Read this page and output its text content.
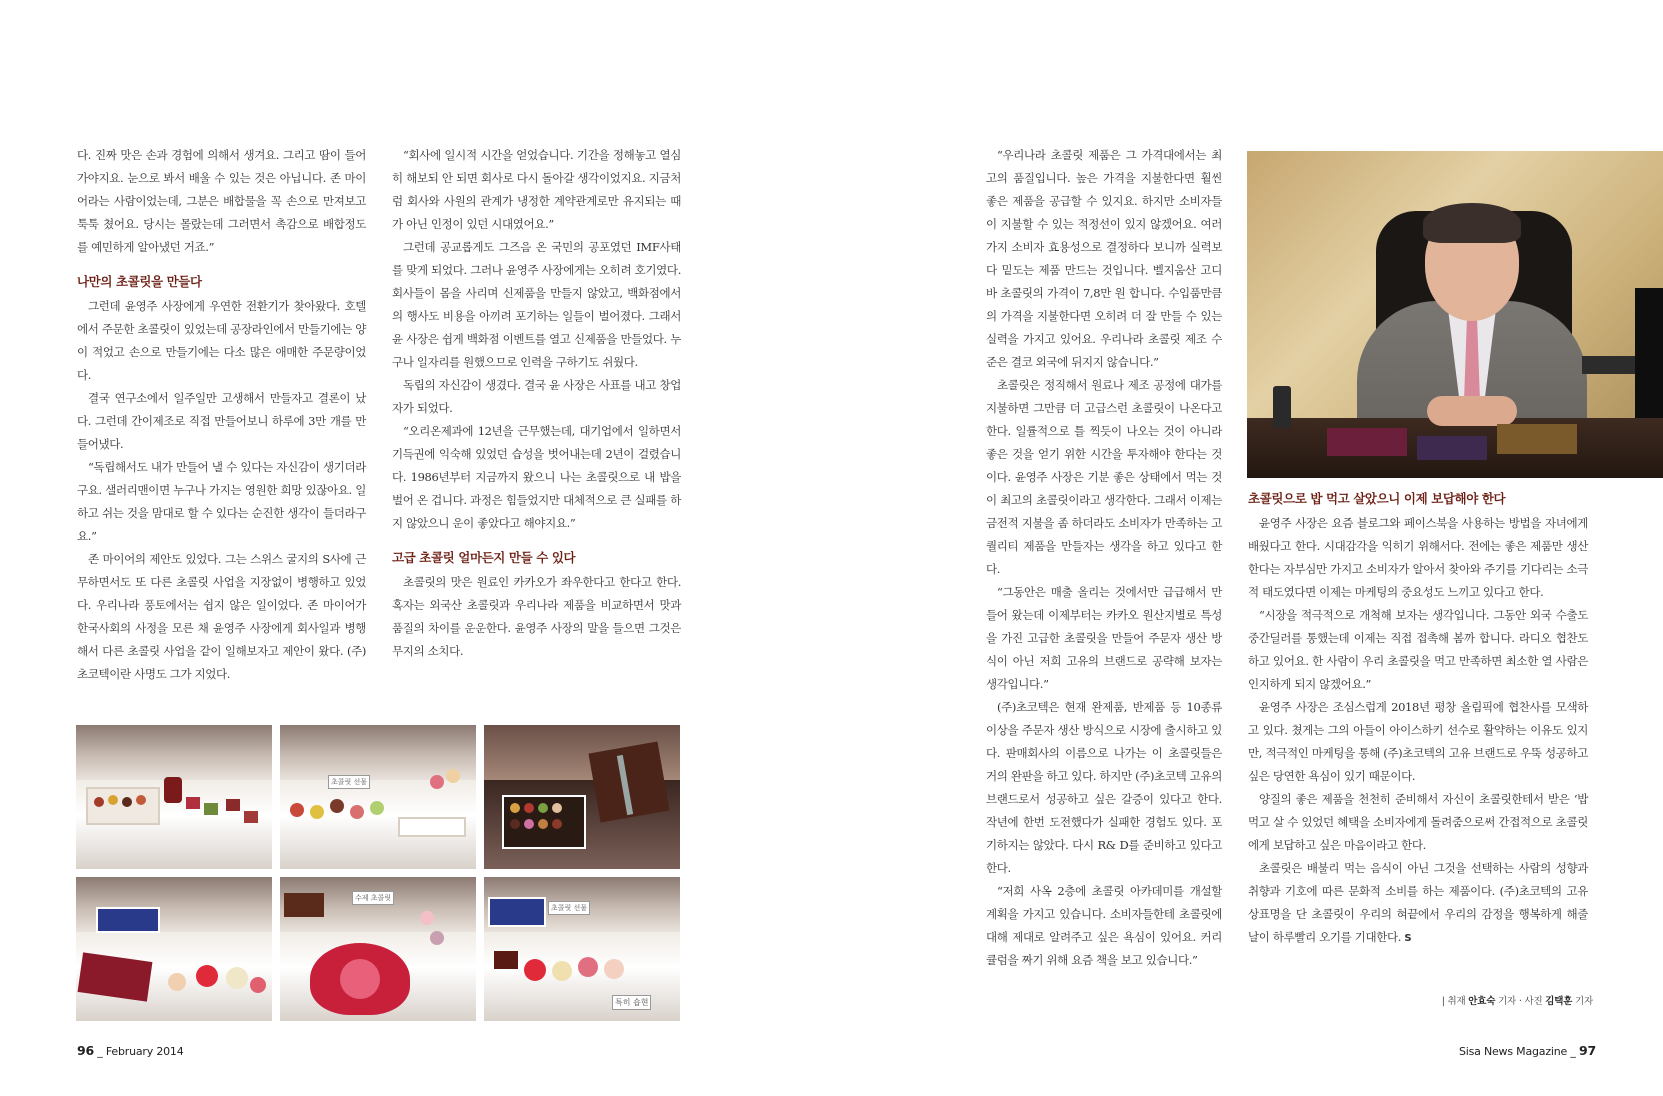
다. 진짜 맛은 손과 경험에 의해서 생겨요. 그리고 땀이 들어가야지요. 눈으로 봐서 배울 수 있는 것은 아닙니다. 존 마이어라는 사람이었는데, 그분은 배합물을 꼭 손으로 만져보고 툭툭 쳤어요. 당시는 몰랐는데 그러면서 촉감으로 배합정도를 예민하게 알아냈던 거죠.”

나만의 초콜릿을 만들다

그런데 윤영주 사장에게 우연한 전환기가 찾아왔다. 호텔에서 주문한 초콜릿이 있었는데 공장라인에서 만들기에는 양이 적었고 손으로 만들기에는 다소 많은 애매한 주문량이었다.

결국 연구소에서 일주일만 고생해서 만들자고 결론이 났다. 그런데 간이제조로 직접 만들어보니 하루에 3만 개를 만들어냈다.

“독립해서도 내가 만들어 낼 수 있다는 자신감이 생기더라구요. 샐러리맨이면 누구나 가지는 영원한 희망 있잖아요. 일하고 쉬는 것을 맘대로 할 수 있다는 순진한 생각이 들더라구요.”

존 마이어의 제안도 있었다. 그는 스위스 굴지의 S사에 근무하면서도 또 다른 초콜릿 사업을 지장없이 병행하고 있었다. 우리나라 풍토에서는 쉽지 않은 일이었다. 존 마이어가 한국사회의 사정을 모른 채 윤영주 사장에게 회사일과 병행해서 다른 초콜릿 사업을 같이 일해보자고 제안이 왔다. (주)초코텍이란 사명도 그가 지었다.

“회사에 일시적 시간을 얻었습니다. 기간을 정해놓고 열심히 해보되 안 되면 회사로 다시 돌아갈 생각이었지요. 지금처럼 회사와 사원의 관계가 냉정한 계약관계로만 유지되는 때가 아닌 인정이 있던 시대였어요.”

그런데 공교롭게도 그즈음 온 국민의 공포였던 IMF사태를 맞게 되었다. 그러나 윤영주 사장에게는 오히려 호기였다. 회사들이 몸을 사리며 신제품을 만들지 않았고, 백화점에서의 행사도 비용을 아끼려 포기하는 일들이 벌어졌다. 그래서 윤 사장은 쉽게 백화점 이벤트를 열고 신제품을 만들었다. 누구나 일자리를 원했으므로 인력을 구하기도 쉬웠다.

독립의 자신감이 생겼다. 결국 윤 사장은 사표를 내고 창업자가 되었다.

“오리온제과에 12년을 근무했는데, 대기업에서 일하면서 기득권에 익숙해 있었던 습성을 벗어내는데 2년이 걸렸습니다. 1986년부터 지금까지 왔으니 나는 초콜릿으로 내 밥을 벌어 온 겁니다. 과정은 힘들었지만 대체적으로 큰 실패를 하지 않았으니 운이 좋았다고 해야지요.”

고급 초콜릿 얼마든지 만들 수 있다

초콜릿의 맛은 원료인 카카오가 좌우한다고 한다고 한다. 혹자는 외국산 초콜릿과 우리나라 제품을 비교하면서 맛과 품질의 차이를 운운한다. 윤영주 사장의 말을 들으면 그것은 무지의 소치다.

초콜릿 선물
수제 초콜릿
초콜릿 선물
특히 숍현
96 _ February 2014

“우리나라 초콜릿 제품은 그 가격대에서는 최고의 품질입니다. 높은 가격을 지불한다면 훨씬 좋은 제품을 공급할 수 있지요. 하지만 소비자들이 지불할 수 있는 적정선이 있지 않겠어요. 여러 가지 소비자 효용성으로 결정하다 보니까 실력보다 밑도는 제품 만드는 것입니다. 벨지움산 고디바 초콜릿의 가격이 7,8만 원 합니다. 수입품만큼의 가격을 지불한다면 오히려 더 잘 만들 수 있는 실력을 가지고 있어요. 우리나라 초콜릿 제조 수준은 결코 외국에 뒤지지 않습니다.”

초콜릿은 정직해서 원료나 제조 공정에 대가를 지불하면 그만큼 더 고급스런 초콜릿이 나온다고 한다. 일률적으로 틀 찍듯이 나오는 것이 아니라 좋은 것을 얻기 위한 시간을 투자해야 한다는 것이다. 윤영주 사장은 기분 좋은 상태에서 먹는 것이 최고의 초콜릿이라고 생각한다. 그래서 이제는 금전적 지불을 좀 하더라도 소비자가 만족하는 고퀄리티 제품을 만들자는 생각을 하고 있다고 한다.

“그동안은 매출 올리는 것에서만 급급해서 만들어 왔는데 이제부터는 카카오 원산지별로 특성을 가진 고급한 초콜릿을 만들어 주문자 생산 방식이 아닌 저희 고유의 브랜드로 공략해 보자는 생각입니다.”

(주)초코텍은 현재 완제품, 반제품 등 10종류 이상을 주문자 생산 방식으로 시장에 출시하고 있다. 판매회사의 이름으로 나가는 이 초콜릿들은 거의 완판을 하고 있다. 하지만 (주)초코텍 고유의 브랜드로서 성공하고 싶은 갈증이 있다고 한다. 작년에 한번 도전했다가 실패한 경험도 있다. 포기하지는 않았다. 다시 R& D를 준비하고 있다고 한다.

“저희 사옥 2층에 초콜릿 아카데미를 개설할 계획을 가지고 있습니다. 소비자들한테 초콜릿에 대해 제대로 알려주고 싶은 욕심이 있어요. 커리큘럼을 짜기 위해 요즘 책을 보고 있습니다.”

초콜릿으로 밥 먹고 살았으니 이제 보답해야 한다

윤영주 사장은 요즘 블로그와 페이스북을 사용하는 방법을 자녀에게 배웠다고 한다. 시대감각을 익히기 위해서다. 전에는 좋은 제품만 생산한다는 자부심만 가지고 소비자가 알아서 찾아와 주기를 기다리는 소극적 태도였다면 이제는 마케팅의 중요성도 느끼고 있다고 한다.

“시장을 적극적으로 개척해 보자는 생각입니다. 그동안 외국 수출도 중간딜러를 통했는데 이제는 직접 접촉해 봄까 합니다. 라디오 협찬도 하고 있어요. 한 사람이 우리 초콜릿을 먹고 만족하면 최소한 열 사람은 인지하게 되지 않겠어요.”

윤영주 사장은 조심스럽게 2018년 평창 올림픽에 협찬사를 모색하고 있다. 쳤게는 그의 아들이 아이스하키 선수로 활약하는 이유도 있지만, 적극적인 마케팅을 통해 (주)초코텍의 고유 브랜드로 우뚝 성공하고 싶은 당연한 욕심이 있기 때문이다.

양질의 좋은 제품을 천천히 준비해서 자신이 초콜릿한테서 받은 ‘밥 먹고 살 수 있었던 혜택을 소비자에게 돌려줌으로써 간접적으로 초콜릿에게 보답하고 싶은 마음이라고 한다.

초콜릿은 배불리 먹는 음식이 아닌 그것을 선택하는 사람의 성향과 취향과 기호에 따른 문화적 소비를 하는 제품이다. (주)초코텍의 고유 상표명을 단 초콜릿이 우리의 혀끝에서 우리의 감정을 행복하게 해줄 날이 하루빨리 오기를 기대한다. S

| 취재 안효숙 기자 · 사진 김택훈 기자
Sisa News Magazine _ 97
